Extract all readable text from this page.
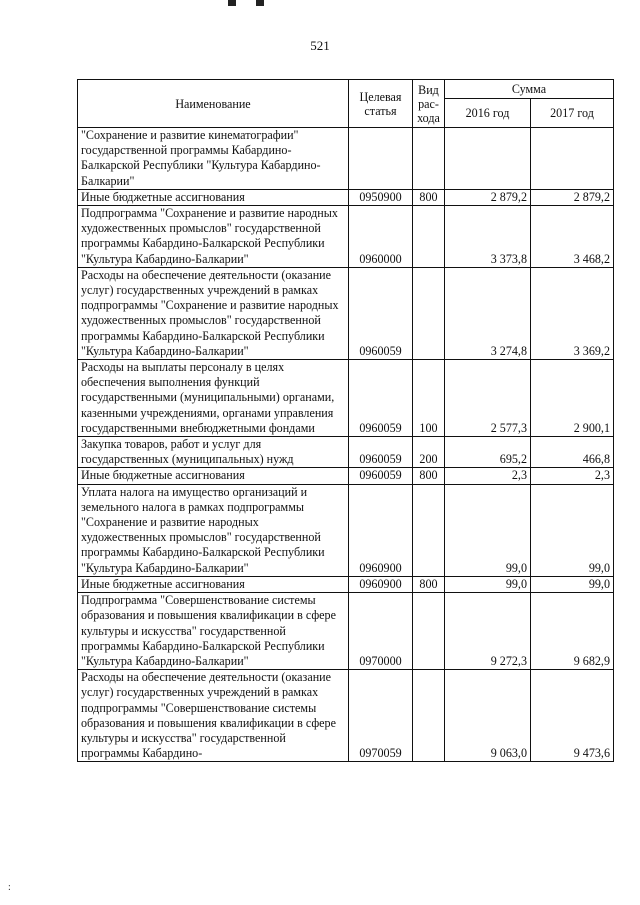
521
Наименование	Целевая статья	Вид рас- хода	Сумма	
			2016 год	2017 год
"Сохранение и развитие кинематографии" государственной программы Кабардино-Балкарской Республики "Культура Кабардино-Балкарии"				
Иные бюджетные ассигнования	0950900	800	2 879,2	2 879,2
Подпрограмма "Сохранение и развитие народных художественных промыслов" государственной программы Кабардино-Балкарской Республики "Культура Кабардино-Балкарии"	0960000		3 373,8	3 468,2
Расходы на обеспечение деятельности (оказание услуг) государственных учреждений в рамках подпрограммы "Сохранение и развитие народных художественных промыслов" государственной программы Кабардино-Балкарской Республики "Культура Кабардино-Балкарии"	0960059		3 274,8	3 369,2
Расходы на выплаты персоналу в целях обеспечения выполнения функций государственными (муниципальными) органами, казенными учреждениями, органами управления государственными внебюджетными фондами	0960059	100	2 577,3	2 900,1
Закупка товаров, работ и услуг для государственных (муниципальных) нужд	0960059	200	695,2	466,8
Иные бюджетные ассигнования	0960059	800	2,3	2,3
Уплата налога на имущество организаций и земельного налога в рамках подпрограммы "Сохранение и развитие народных художественных промыслов" государственной программы Кабардино-Балкарской Республики "Культура Кабардино-Балкарии"	0960900		99,0	99,0
Иные бюджетные ассигнования	0960900	800	99,0	99,0
Подпрограмма "Совершенствование системы образования и повышения квалификации в сфере культуры и искусства" государственной программы Кабардино-Балкарской Республики "Культура Кабардино-Балкарии"	0970000		9 272,3	9 682,9
Расходы на обеспечение деятельности (оказание услуг) государственных учреждений в рамках подпрограммы "Совершенствование системы образования и повышения квалификации в сфере культуры и искусства" государственной программы Кабардино-	0970059		9 063,0	9 473,6
:
